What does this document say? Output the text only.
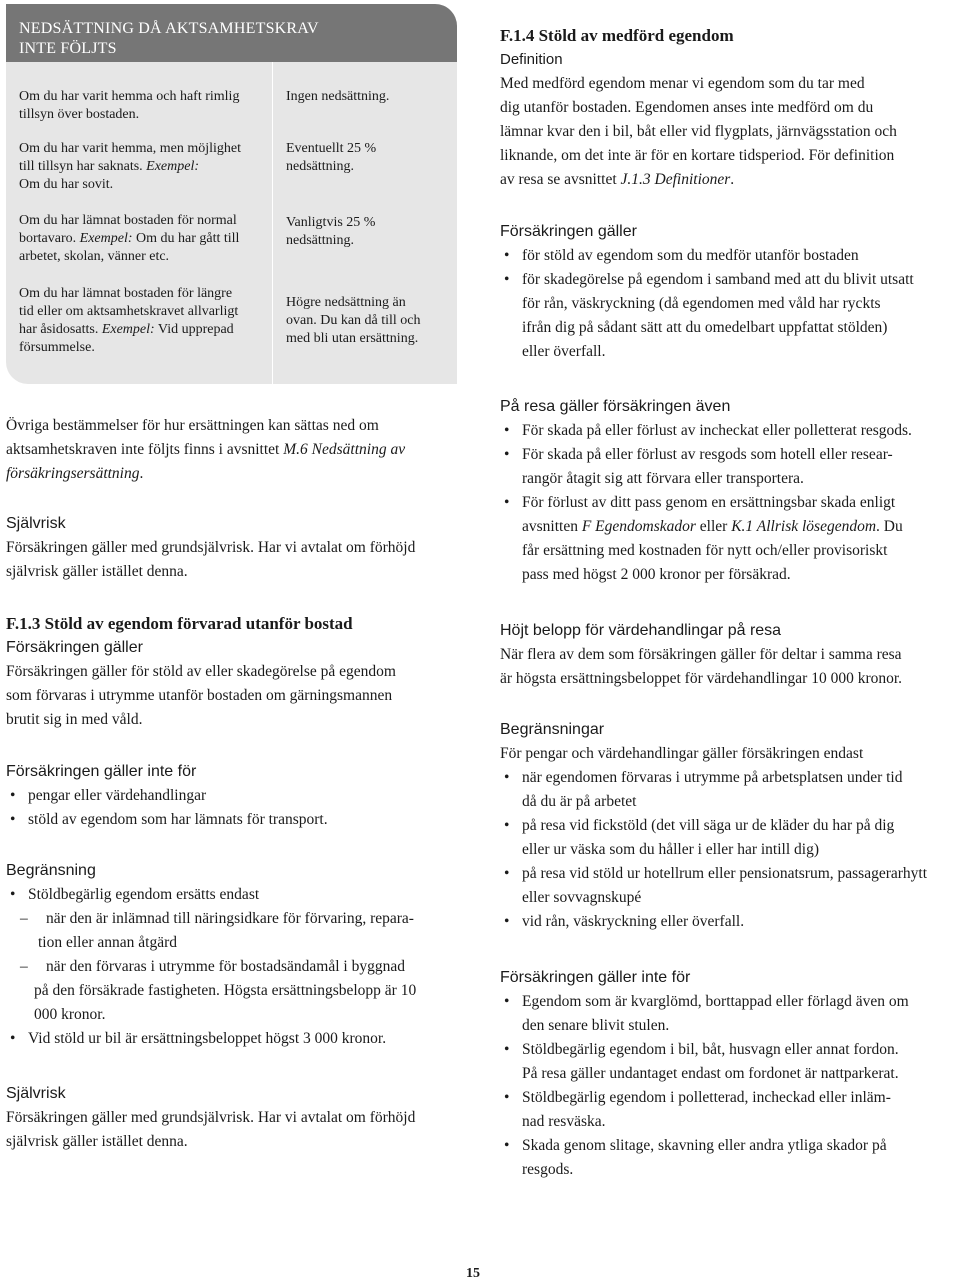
NEDSÄTTNING DÅ AKTSAMHETSKRAV
INTE FÖLJTS
Om du har varit hemma och haft rimlig
tillsyn över bostaden.
Ingen nedsättning.
Om du har varit hemma, men möjlighet
till tillsyn har saknats. Exempel:
Om du har sovit.
Eventuellt 25 %
nedsättning.
Om du har lämnat bostaden för normal
bortavaro. Exempel: Om du har gått till
arbetet, skolan, vänner etc.
Vanligtvis 25 %
nedsättning.
Om du har lämnat bostaden för längre
tid eller om aktsamhetskravet allvarligt
har åsidosatts. Exempel: Vid upprepad
försummelse.
Högre nedsättning än
ovan. Du kan då till och
med bli utan ersättning.
Övriga bestämmelser för hur ersättningen kan sättas ned om
aktsamhetskraven inte följts finns i avsnittet M.6 Nedsättning av
försäkringsersättning.
Självrisk
Försäkringen gäller med grundsjälvrisk. Har vi avtalat om förhöjd
självrisk gäller istället denna.
F.1.3 Stöld av egendom förvarad utanför bostad
Försäkringen gäller
Försäkringen gäller för stöld av eller skadegörelse på egendom
som förvaras i utrymme utanför bostaden om gärningsmannen
brutit sig in med våld.
Försäkringen gäller inte för
• pengar eller värdehandlingar
• stöld av egendom som har lämnats för transport.
Begränsning
• Stöldbegärlig egendom ersätts endast
– när den är inlämnad till näringsidkare för förvaring, repara-
tion eller annan åtgärd
– när den förvaras i utrymme för bostadsändamål i byggnad
på den försäkrade fastigheten. Högsta ersättningsbelopp är 10
000 kronor.
• Vid stöld ur bil är ersättningsbeloppet högst 3 000 kronor.
Självrisk
Försäkringen gäller med grundsjälvrisk. Har vi avtalat om förhöjd
självrisk gäller istället denna.
F.1.4 Stöld av medförd egendom
Definition
Med medförd egendom menar vi egendom som du tar med
dig utanför bostaden. Egendomen anses inte medförd om du
lämnar kvar den i bil, båt eller vid flygplats, järnvägsstation och
liknande, om det inte är för en kortare tidsperiod. För definition
av resa se avsnittet J.1.3 Definitioner.
Försäkringen gäller
• för stöld av egendom som du medför utanför bostaden
• för skadegörelse på egendom i samband med att du blivit utsatt
för rån, väskryckning (då egendomen med våld har ryckts
ifrån dig på sådant sätt att du omedelbart uppfattat stölden)
eller överfall.
På resa gäller försäkringen även
• För skada på eller förlust av incheckat eller polletterat resgods.
• För skada på eller förlust av resgods som hotell eller resear-
rangör åtagit sig att förvara eller transportera.
• För förlust av ditt pass genom en ersättningsbar skada enligt
avsnitten F Egendomskador eller K.1 Allrisk lösegendom. Du
får ersättning med kostnaden för nytt och/eller provisoriskt
pass med högst 2 000 kronor per försäkrad.
Höjt belopp för värdehandlingar på resa
När flera av dem som försäkringen gäller för deltar i samma resa
är högsta ersättningsbeloppet för värdehandlingar 10 000 kronor.
Begränsningar
För pengar och värdehandlingar gäller försäkringen endast
• när egendomen förvaras i utrymme på arbetsplatsen under tid
då du är på arbetet
• på resa vid fickstöld (det vill säga ur de kläder du har på dig
eller ur väska som du håller i eller har intill dig)
• på resa vid stöld ur hotellrum eller pensionatsrum, passagerarhytt
eller sovvagnskupé
• vid rån, väskryckning eller överfall.
Försäkringen gäller inte för
• Egendom som är kvarglömd, borttappad eller förlagd även om
den senare blivit stulen.
• Stöldbegärlig egendom i bil, båt, husvagn eller annat fordon.
På resa gäller undantaget endast om fordonet är nattparkerat.
• Stöldbegärlig egendom i polletterad, incheckad eller inläm-
nad resväska.
• Skada genom slitage, skavning eller andra ytliga skador på
resgods.
15
